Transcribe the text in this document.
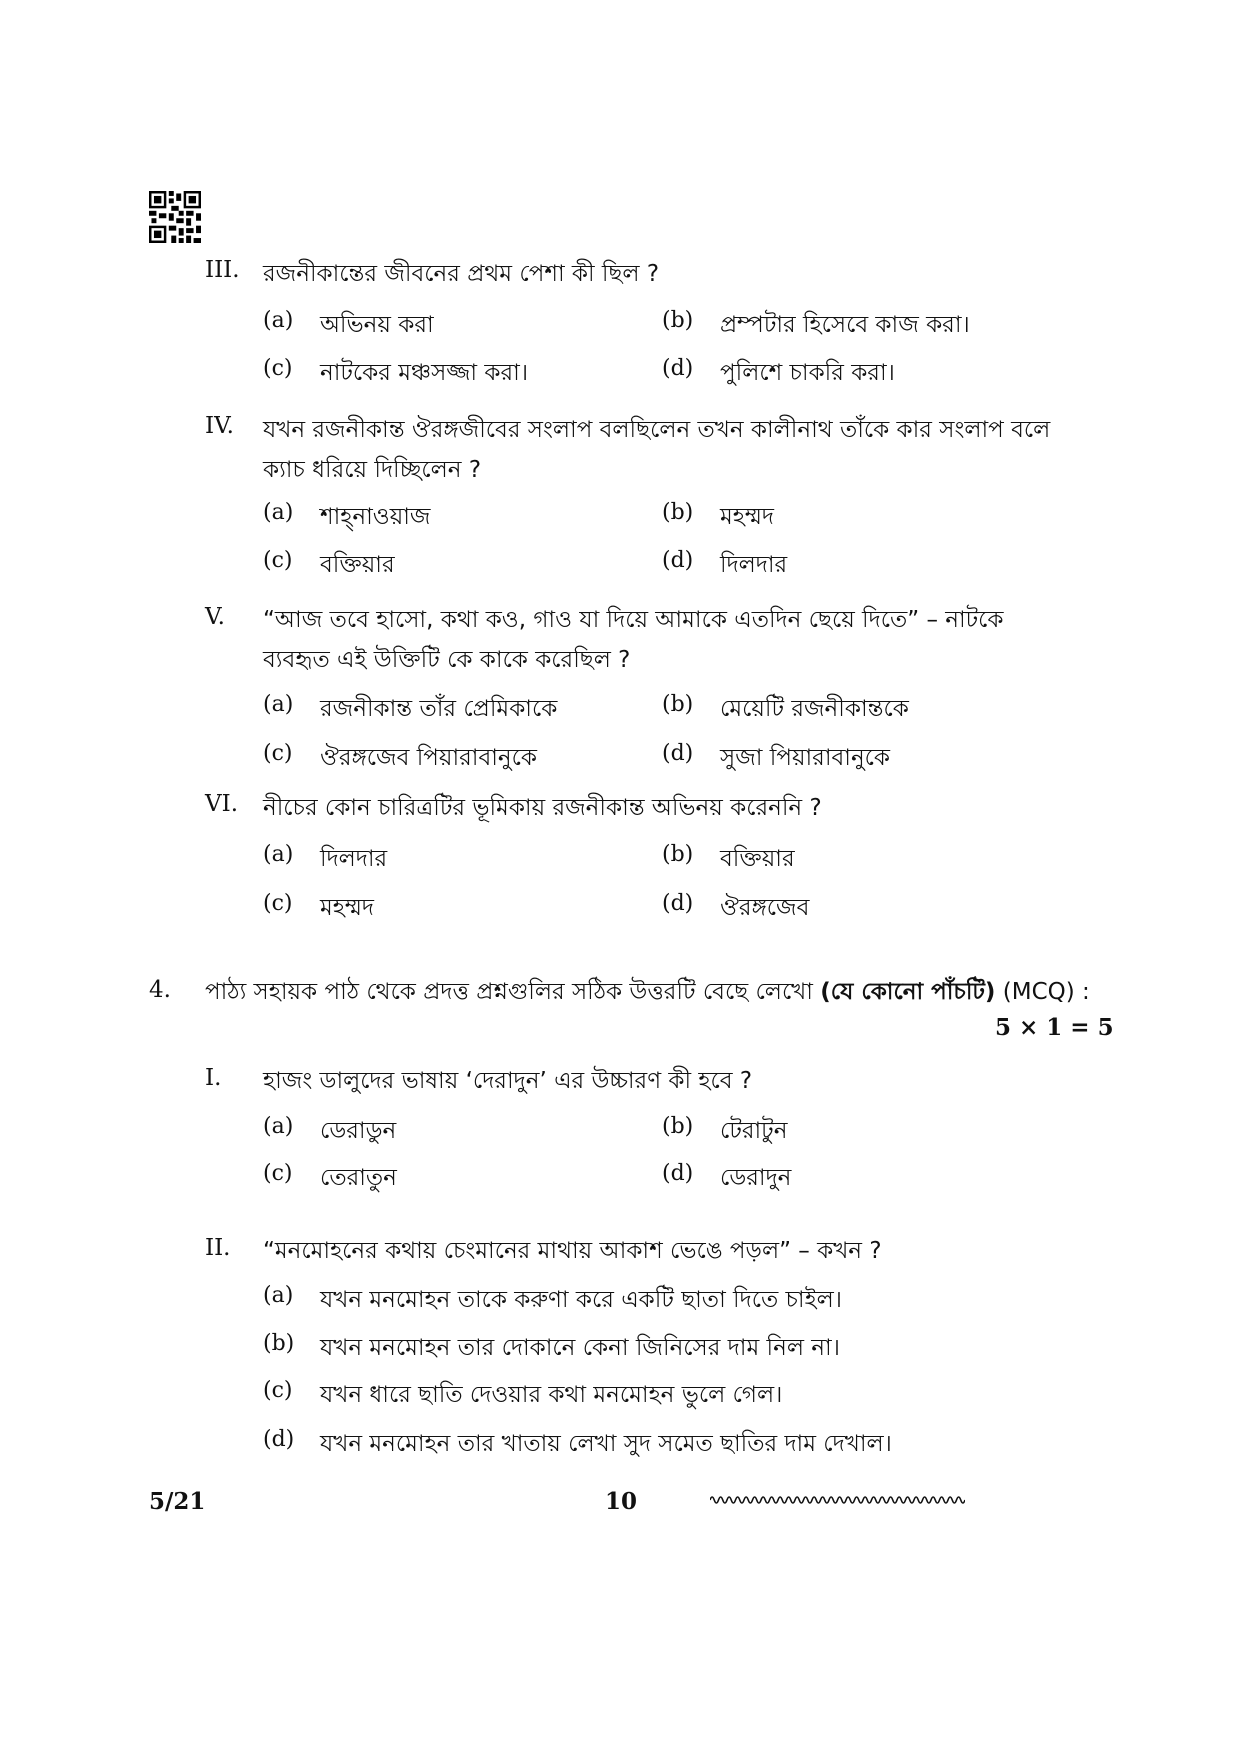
III. রজনীকান্তের জীবনের প্রথম পেশা কী ছিল ?
(a) অভিনয় করা	(b) প্রম্পটার হিসেবে কাজ করা।
(c) নাটকের মঞ্চসজ্জা করা।	(d) পুলিশে চাকরি করা।
IV. যখন রজনীকান্ত ঔরঙ্গজীবের সংলাপ বলছিলেন তখন কালীনাথ তাঁকে কার সংলাপ বলে
ক্যাচ ধরিয়ে দিচ্ছিলেন ?
(a) শাহ্‌নাওয়াজ	(b) মহম্মদ
(c) বক্তিয়ার	(d) দিলদার
V. “আজ তবে হাসো, কথা কও, গাও যা দিয়ে আমাকে এতদিন ছেয়ে দিতে” – নাটকে
ব্যবহৃত এই উক্তিটি কে কাকে করেছিল ?
(a) রজনীকান্ত তাঁর প্রেমিকাকে	(b) মেয়েটি রজনীকান্তকে
(c) ঔরঙ্গজেব পিয়ারাবানুকে	(d) সুজা পিয়ারাবানুকে
VI. নীচের কোন চারিত্রটির ভূমিকায় রজনীকান্ত অভিনয় করেননি ?
(a) দিলদার	(b) বক্তিয়ার
(c) মহম্মদ	(d) ঔরঙ্গজেব
4. পাঠ্য সহায়ক পাঠ থেকে প্রদত্ত প্রশ্নগুলির সঠিক উত্তরটি বেছে লেখো (যে কোনো পাঁচটি) (MCQ) :
5 × 1 = 5
I. হাজং ডালুদের ভাষায় ‘দেরাদুন’ এর উচ্চারণ কী হবে ?
(a) ডেরাডুন	(b) টেরাটুন
(c) তেরাতুন	(d) ডেরাদুন
II. “মনমোহনের কথায় চেংমানের মাথায় আকাশ ভেঙে পড়ল” – কখন ?
(a) যখন মনমোহন তাকে করুণা করে একটি ছাতা দিতে চাইল।
(b) যখন মনমোহন তার দোকানে কেনা জিনিসের দাম নিল না।
(c) যখন ধারে ছাতি দেওয়ার কথা মনমোহন ভুলে গেল।
(d) যখন মনমোহন তার খাতায় লেখা সুদ সমেত ছাতির দাম দেখাল।
5/21	10
